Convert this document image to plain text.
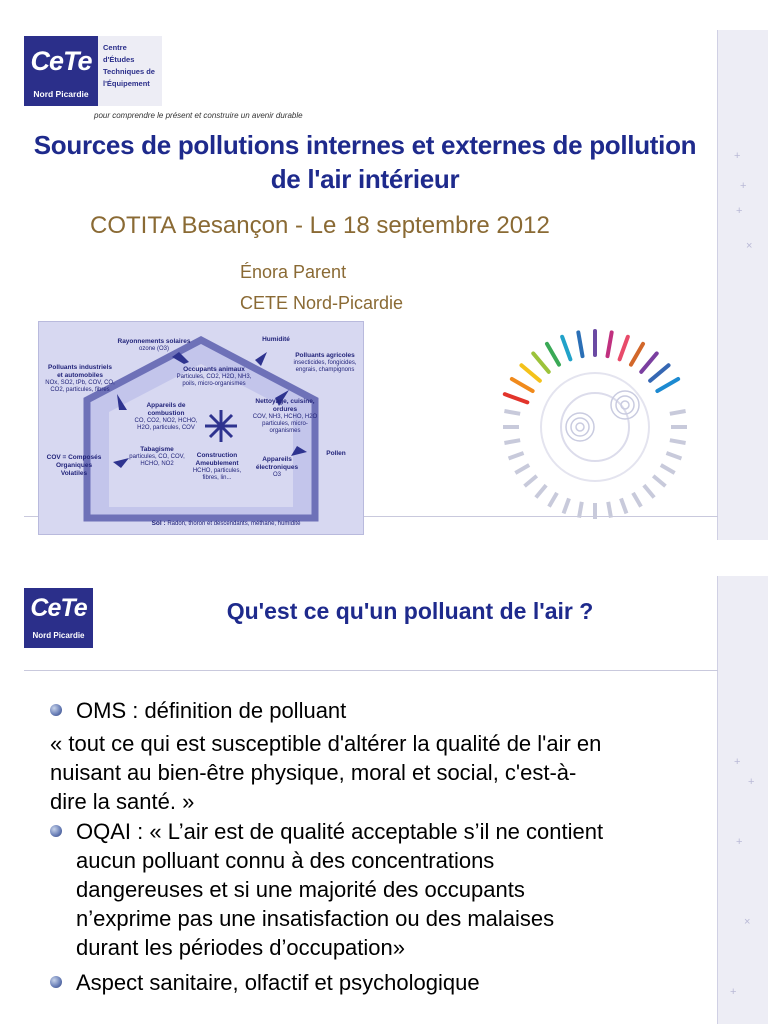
+
+
+
×
CeTe
Nord Picardie
Centre
d'Études
Techniques de
l'Équipement
pour comprendre le présent et construire un avenir durable
Sources de pollutions internes et externes de pollution
de l'air intérieur
COTITA Besançon - Le 18 septembre 2012
Énora Parent
CETE Nord-Picardie
Rayonnements solaires
ozone (O3)
Humidité
Polluants industriels et automobiles
NOx, SO2, tPb, COV, CO, CO2, particules, fibres
Polluants agricoles
insecticides, fongicides, engrais, champignons
Occupants animaux
Particules, CO2, H2O, NH3, poils, micro-organismes
Appareils de combustion
CO, CO2, NO2, HCHO, H2O, particules, COV
Nettoyage, cuisine, ordures
COV, NH3, HCHO, H2O particules, micro-organismes
COV = Composés Organiques Volatiles
Tabagisme
particules, CO, COV, HCHO, NO2
Construction Ameublement
HCHO, particules, fibres, lin...
Appareils électroniques
O3
Pollen
Sol : Radon, thoron et descendants, méthane, humidité
+
+
+
×
+
CeTe
Nord Picardie
Qu'est ce qu'un polluant de l'air ?
OMS : définition de polluant
« tout ce qui est susceptible d'altérer la qualité de l'air en
nuisant au bien-être physique, moral et social, c'est-à-
dire la santé. »
OQAI : « L’air est de qualité acceptable s’il ne contient
aucun polluant connu à des concentrations
dangereuses et si une majorité des occupants
n’exprime pas une insatisfaction ou des malaises
durant les périodes d’occupation»
Aspect sanitaire, olfactif et psychologique
